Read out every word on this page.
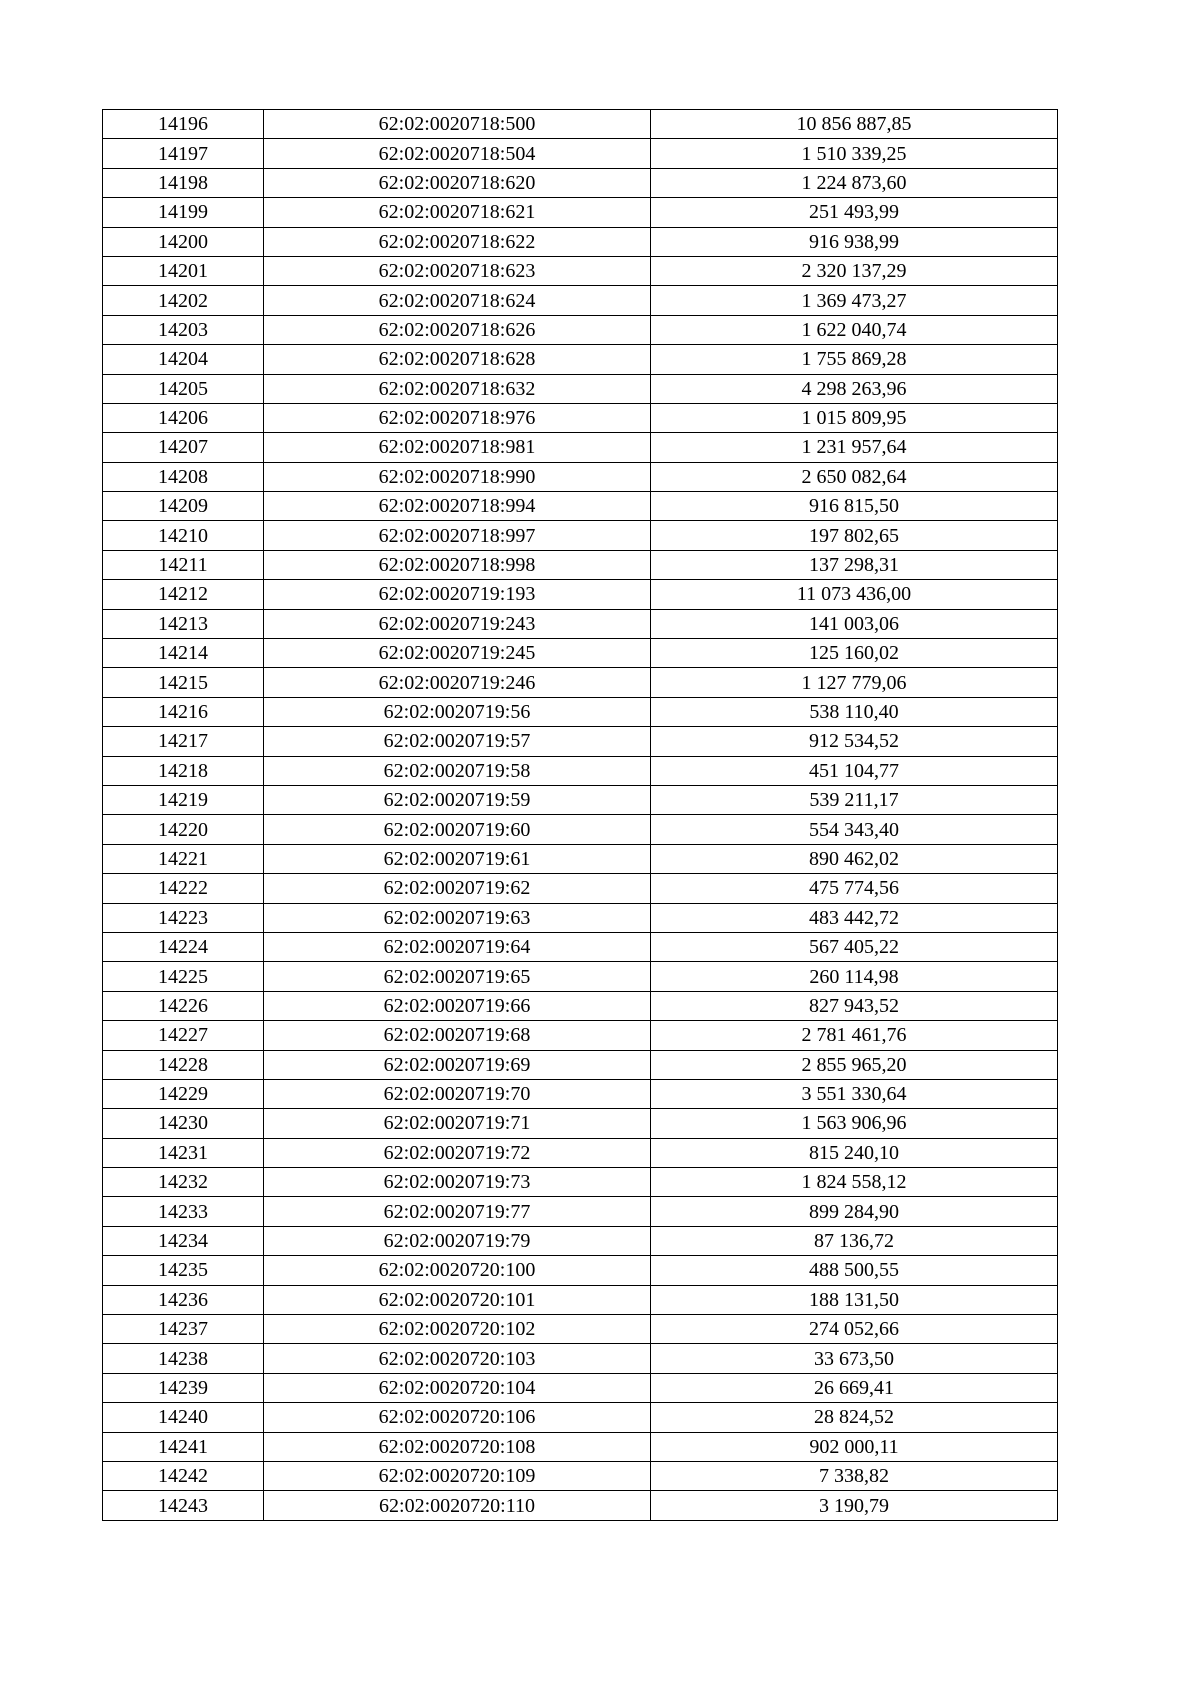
14196	62:02:0020718:500	10 856 887,85
14197	62:02:0020718:504	1 510 339,25
14198	62:02:0020718:620	1 224 873,60
14199	62:02:0020718:621	251 493,99
14200	62:02:0020718:622	916 938,99
14201	62:02:0020718:623	2 320 137,29
14202	62:02:0020718:624	1 369 473,27
14203	62:02:0020718:626	1 622 040,74
14204	62:02:0020718:628	1 755 869,28
14205	62:02:0020718:632	4 298 263,96
14206	62:02:0020718:976	1 015 809,95
14207	62:02:0020718:981	1 231 957,64
14208	62:02:0020718:990	2 650 082,64
14209	62:02:0020718:994	916 815,50
14210	62:02:0020718:997	197 802,65
14211	62:02:0020718:998	137 298,31
14212	62:02:0020719:193	11 073 436,00
14213	62:02:0020719:243	141 003,06
14214	62:02:0020719:245	125 160,02
14215	62:02:0020719:246	1 127 779,06
14216	62:02:0020719:56	538 110,40
14217	62:02:0020719:57	912 534,52
14218	62:02:0020719:58	451 104,77
14219	62:02:0020719:59	539 211,17
14220	62:02:0020719:60	554 343,40
14221	62:02:0020719:61	890 462,02
14222	62:02:0020719:62	475 774,56
14223	62:02:0020719:63	483 442,72
14224	62:02:0020719:64	567 405,22
14225	62:02:0020719:65	260 114,98
14226	62:02:0020719:66	827 943,52
14227	62:02:0020719:68	2 781 461,76
14228	62:02:0020719:69	2 855 965,20
14229	62:02:0020719:70	3 551 330,64
14230	62:02:0020719:71	1 563 906,96
14231	62:02:0020719:72	815 240,10
14232	62:02:0020719:73	1 824 558,12
14233	62:02:0020719:77	899 284,90
14234	62:02:0020719:79	87 136,72
14235	62:02:0020720:100	488 500,55
14236	62:02:0020720:101	188 131,50
14237	62:02:0020720:102	274 052,66
14238	62:02:0020720:103	33 673,50
14239	62:02:0020720:104	26 669,41
14240	62:02:0020720:106	28 824,52
14241	62:02:0020720:108	902 000,11
14242	62:02:0020720:109	7 338,82
14243	62:02:0020720:110	3 190,79
